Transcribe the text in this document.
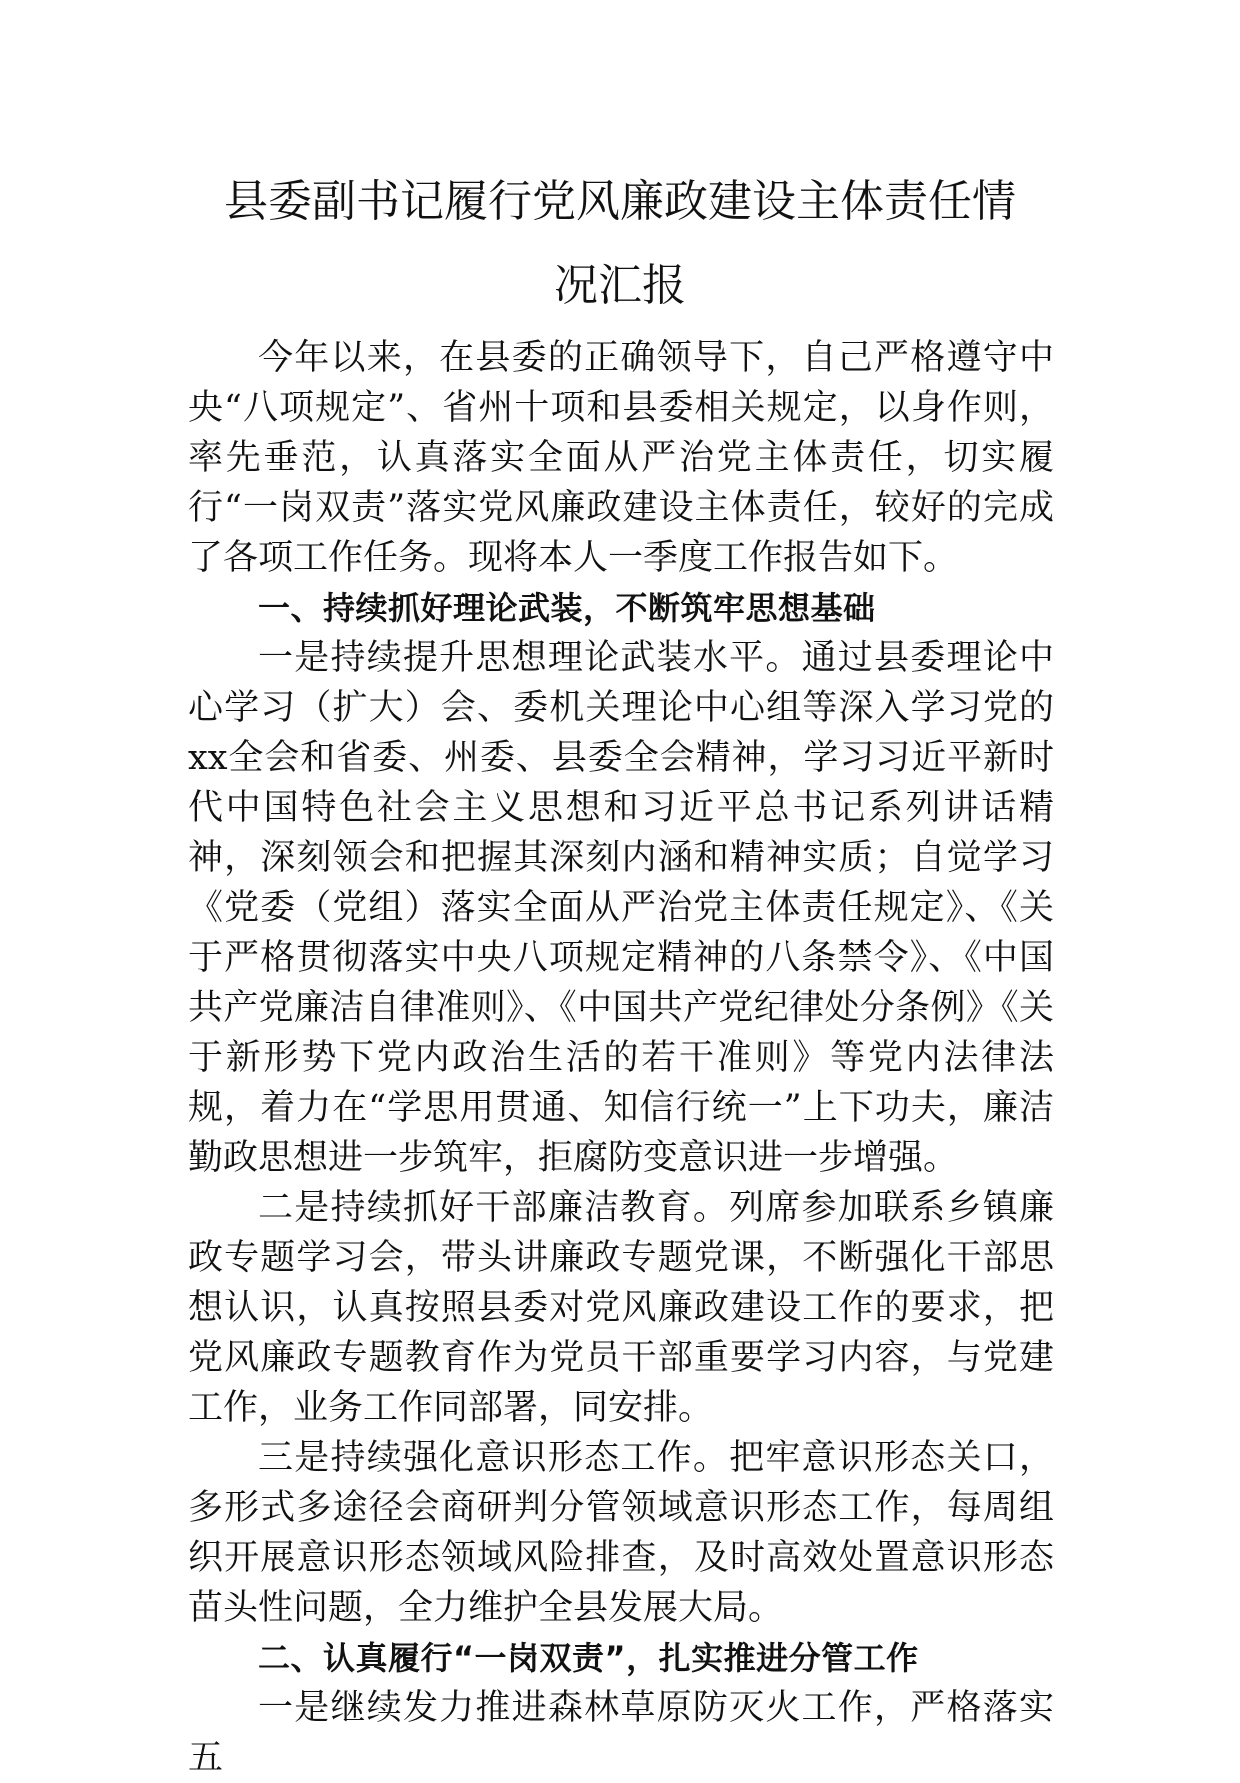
县委副书记履行党风廉政建设主体责任情
况汇报

今年以来，在县委的正确领导下，自己严格遵守中央“八项规定”、省州十项和县委相关规定，以身作则，率先垂范，认真落实全面从严治党主体责任，切实履行“一岗双责”落实党风廉政建设主体责任，较好的完成了各项工作任务。现将本人一季度工作报告如下。

一、持续抓好理论武装，不断筑牢思想基础

一是持续提升思想理论武装水平。通过县委理论中心学习（扩大）会、委机关理论中心组等深入学习党的xx全会和省委、州委、县委全会精神，学习习近平新时代中国特色社会主义思想和习近平总书记系列讲话精神，深刻领会和把握其深刻内涵和精神实质；自觉学习《党委（党组）落实全面从严治党主体责任规定》、《关于严格贯彻落实中央八项规定精神的八条禁令》、《中国共产党廉洁自律准则》、《中国共产党纪律处分条例》《关于新形势下党内政治生活的若干准则》等党内法律法规，着力在“学思用贯通、知信行统一”上下功夫，廉洁勤政思想进一步筑牢，拒腐防变意识进一步增强。

二是持续抓好干部廉洁教育。列席参加联系乡镇廉政专题学习会，带头讲廉政专题党课，不断强化干部思想认识，认真按照县委对党风廉政建设工作的要求，把党风廉政专题教育作为党员干部重要学习内容，与党建工作，业务工作同部署，同安排。

三是持续强化意识形态工作。把牢意识形态关口，多形式多途径会商研判分管领域意识形态工作，每周组织开展意识形态领域风险排查，及时高效处置意识形态苗头性问题，全力维护全县发展大局。

二、认真履行“一岗双责”，扎实推进分管工作

一是继续发力推进森林草原防灭火工作，严格落实五
